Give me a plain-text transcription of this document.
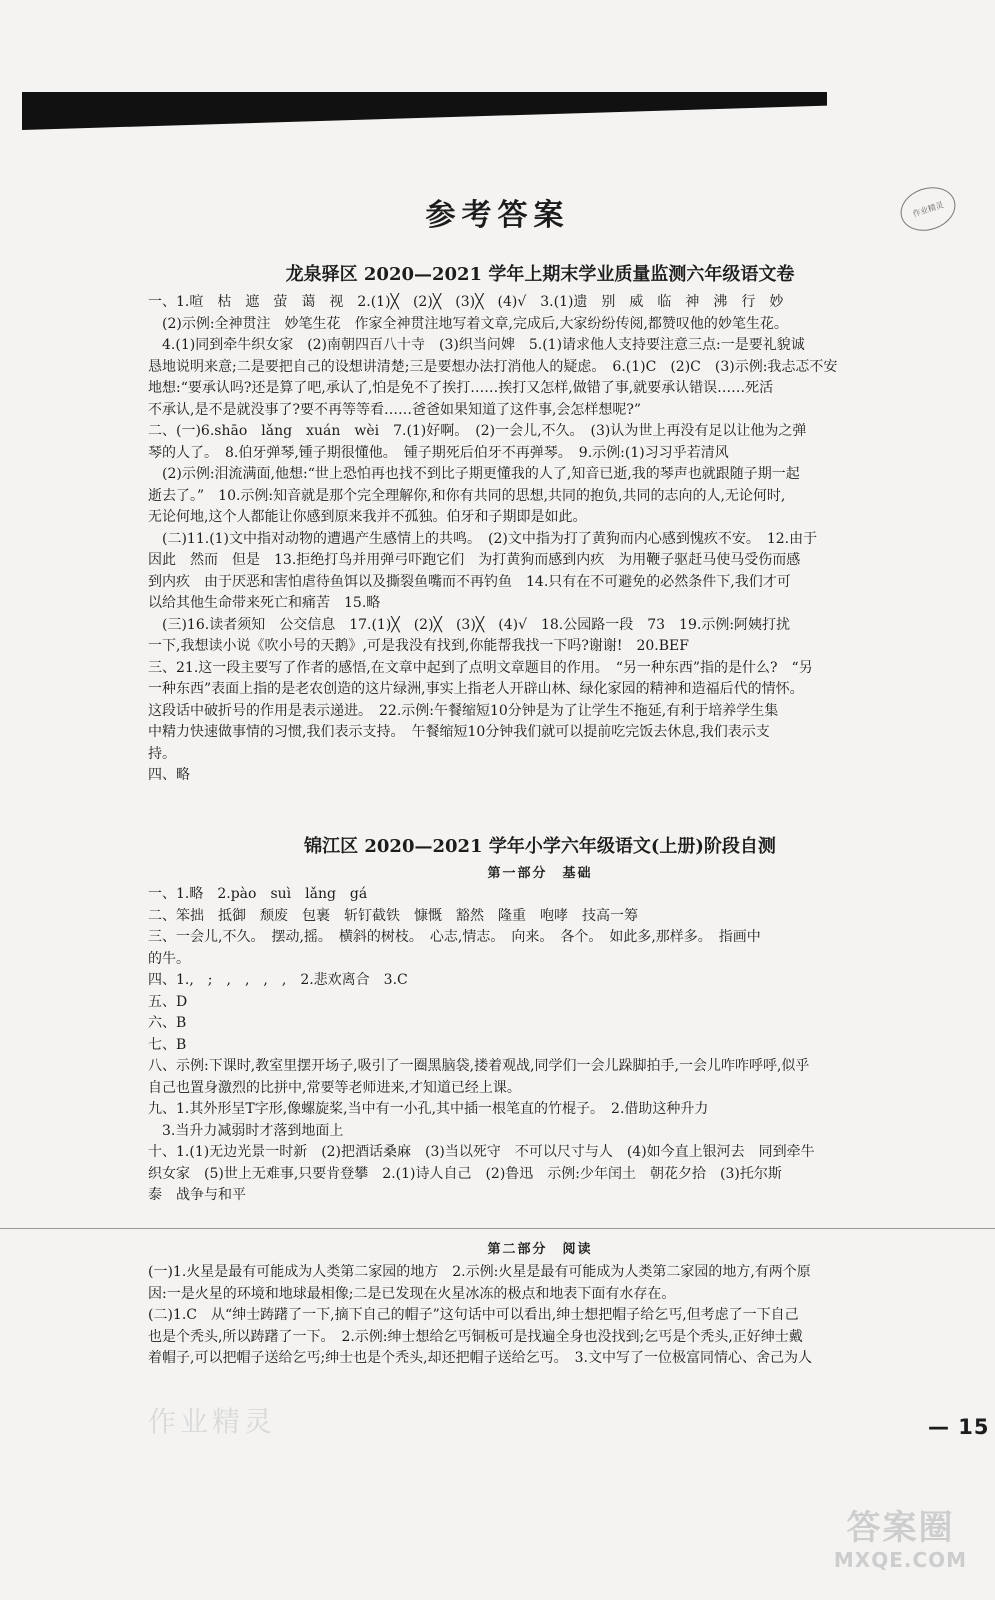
作业精灵
参考答案
龙泉驿区 2020—2021 学年上期末学业质量监测六年级语文卷

一、1.喧　枯　遮　萤　蔼　视　2.(1)╳　(2)╳　(3)╳　(4)√　3.(1)遗　别　威　临　神　沸　行　妙

　(2)示例:全神贯注　妙笔生花　作家全神贯注地写着文章,完成后,大家纷纷传阅,都赞叹他的妙笔生花。

　4.(1)同到牵牛织女家　(2)南朝四百八十寺　(3)织当问婢　5.(1)请求他人支持要注意三点:一是要礼貌诚

恳地说明来意;二是要把自己的设想讲清楚;三是要想办法打消他人的疑虑。　6.(1)C　(2)C　(3)示例:我忐忑不安

地想:“要承认吗?还是算了吧,承认了,怕是免不了挨打……挨打又怎样,做错了事,就要承认错误……死活

不承认,是不是就没事了?要不再等等看……爸爸如果知道了这件事,会怎样想呢?”

二、(一)6.shāo　lǎng　xuán　wèi　7.(1)好啊。　(2)一会儿,不久。　(3)认为世上再没有足以让他为之弹

琴的人了。　8.伯牙弹琴,锺子期很懂他。　锺子期死后伯牙不再弹琴。　9.示例:(1)习习乎若清风

　(2)示例:泪流满面,他想:“世上恐怕再也找不到比子期更懂我的人了,知音已逝,我的琴声也就跟随子期一起

逝去了。”　10.示例:知音就是那个完全理解你,和你有共同的思想,共同的抱负,共同的志向的人,无论何时,

无论何地,这个人都能让你感到原来我并不孤独。伯牙和子期即是如此。

　(二)11.(1)文中指对动物的遭遇产生感情上的共鸣。　(2)文中指为打了黄狗而内心感到愧疚不安。　12.由于

因此　然而　但是　13.拒绝打鸟并用弹弓吓跑它们　为打黄狗而感到内疚　为用鞭子驱赶马使马受伤而感

到内疚　由于厌恶和害怕虐待鱼饵以及撕裂鱼嘴而不再钓鱼　14.只有在不可避免的必然条件下,我们才可

以给其他生命带来死亡和痛苦　15.略

　(三)16.读者须知　公交信息　17.(1)╳　(2)╳　(3)╳　(4)√　18.公园路一段　73　19.示例:阿姨打扰

一下,我想读小说《吹小号的天鹅》,可是我没有找到,你能帮我找一下吗?谢谢!　20.BEF

三、21.这一段主要写了作者的感悟,在文章中起到了点明文章题目的作用。　“另一种东西”指的是什么?　“另

一种东西”表面上指的是老农创造的这片绿洲,事实上指老人开辟山林、绿化家园的精神和造福后代的情怀。

这段话中破折号的作用是表示递进。　22.示例:午餐缩短10分钟是为了让学生不拖延,有利于培养学生集

中精力快速做事情的习惯,我们表示支持。　午餐缩短10分钟我们就可以提前吃完饭去休息,我们表示支

持。

四、略

锦江区 2020—2021 学年小学六年级语文(上册)阶段自测
第一部分　基础

一、1.略　2.pào　suì　lǎng　gá

二、笨拙　抵御　颓废　包裹　斩钉截铁　慷慨　豁然　隆重　咆哮　技高一筹

三、一会儿,不久。　摆动,摇。　横斜的树枝。　心志,情志。　向来。　各个。　如此多,那样多。　指画中

的牛。

四、1.,　;　,　,　,　,　2.悲欢离合　3.C

五、D

六、B

七、B

八、示例:下课时,教室里摆开场子,吸引了一圈黑脑袋,搂着观战,同学们一会儿跺脚拍手,一会儿咋咋呼呼,似乎

自己也置身激烈的比拼中,常要等老师进来,才知道已经上课。

九、1.其外形呈T字形,像螺旋桨,当中有一小孔,其中插一根笔直的竹棍子。　2.借助这种升力

　3.当升力减弱时才落到地面上

十、1.(1)无边光景一时新　(2)把酒话桑麻　(3)当以死守　不可以尺寸与人　(4)如今直上银河去　同到牵牛

织女家　(5)世上无难事,只要肯登攀　2.(1)诗人自己　(2)鲁迅　示例:少年闰土　朝花夕拾　(3)托尔斯

泰　战争与和平

第二部分　阅读

(一)1.火星是最有可能成为人类第二家园的地方　2.示例:火星是最有可能成为人类第二家园的地方,有两个原

因:一是火星的环境和地球最相像;二是已发现在火星冰冻的极点和地表下面有水存在。

(二)1.C　从“绅士踌躇了一下,摘下自己的帽子”这句话中可以看出,绅士想把帽子给乞丐,但考虑了一下自己

也是个秃头,所以踌躇了一下。　2.示例:绅士想给乞丐铜板可是找遍全身也没找到;乞丐是个秃头,正好绅士戴

着帽子,可以把帽子送给乞丐;绅士也是个秃头,却还把帽子送给乞丐。　3.文中写了一位极富同情心、舍己为人

作业精灵	— 15
答案圈
MXQE.COM
